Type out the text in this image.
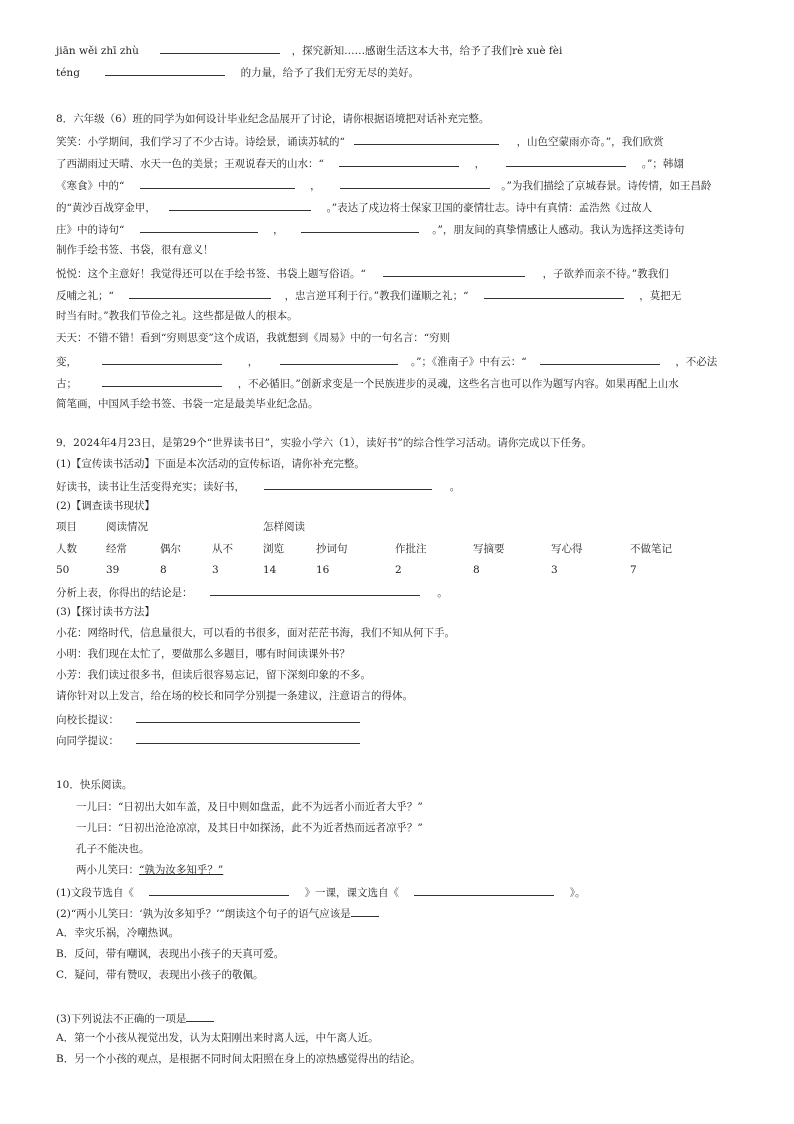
jiān wěi zhī zhù	，探究新知……感谢生活这本大书，给予了我们rè xuè fèi
téng	的力量，给予了我们无穷无尽的美好。
8．六年级（6）班的同学为如何设计毕业纪念品展开了讨论，请你根据语境把对话补充完整。
笑笑：小学期间，我们学习了不少古诗。诗绘景，诵读苏轼的“	，山色空蒙雨亦奇。”，我们欣赏
了西湖雨过天晴、水天一色的美景；王观说春天的山水：“	，	。”；韩翃
《寒食》中的“	，	。”为我们描绘了京城春景。诗传情，如王昌龄
的“黄沙百战穿金甲，	。”表达了戍边将士保家卫国的豪情壮志。诗中有真情：孟浩然《过故人
庄》中的诗句“	，	。”，朋友间的真挚情感让人感动。我认为选择这类诗句
制作手绘书签、书袋，很有意义！
悦悦：这个主意好！我觉得还可以在手绘书签、书袋上题写俗语。“	，子欲养而亲不待。”教我们
反哺之礼；“	，忠言逆耳利于行。”教我们谨顺之礼；“	，莫把无
时当有时。”教我们节俭之礼。这些都是做人的根本。
天天：不错不错！看到“穷则思变”这个成语，我就想到《周易》中的一句名言：“穷则
变，	，	。”；《淮南子》中有云：“	，不必法
古；	，不必循旧。”创新求变是一个民族进步的灵魂，这些名言也可以作为题写内容。如果再配上山水
简笔画，中国风手绘书签、书袋一定是最美毕业纪念品。
9．2024年4月23日，是第29个“世界读书日”，实验小学六（1），读好书”的综合性学习活动。请你完成以下任务。
(1)【宣传读书活动】下面是本次活动的宣传标语，请你补充完整。
好读书，读书让生活变得充实；读好书，	。
(2)【调查读书现状】
项目	阅读情况	怎样阅读
人数	经常	偶尔	从不	浏览	抄词句	作批注	写摘要	写心得	不做笔记
50	39	8	3	14	16	2	8	3	7
分析上表，你得出的结论是：	。
(3)【探讨读书方法】
小花：网络时代，信息量很大，可以看的书很多，面对茫茫书海，我们不知从何下手。
小明：我们现在太忙了，要做那么多题目，哪有时间读课外书？
小芳：我们读过很多书，但读后很容易忘记，留下深刻印象的不多。
请你针对以上发言，给在场的校长和同学分别提一条建议，注意语言的得体。
向校长提议：
向同学提议：
10．快乐阅读。
一儿曰：“日初出大如车盖，及日中则如盘盂，此不为远者小而近者大乎？”
一儿曰：“日初出沧沧凉凉，及其日中如探汤，此不为近者热而远者凉乎？”
孔子不能决也。
两小儿笑曰：“孰为汝多知乎？”
(1)文段节选自《	》一课，课文选自《	》。
(2)“两小儿笑曰：‘孰为汝多知乎？’”朗读这个句子的语气应该是
A．幸灾乐祸，冷嘲热讽。
B．反问，带有嘲讽，表现出小孩子的天真可爱。
C．疑问，带有赞叹，表现出小孩子的敬佩。
(3)下列说法不正确的一项是
A．第一个小孩从视觉出发，认为太阳刚出来时离人远，中午离人近。
B．另一个小孩的观点，是根据不同时间太阳照在身上的凉热感觉得出的结论。
